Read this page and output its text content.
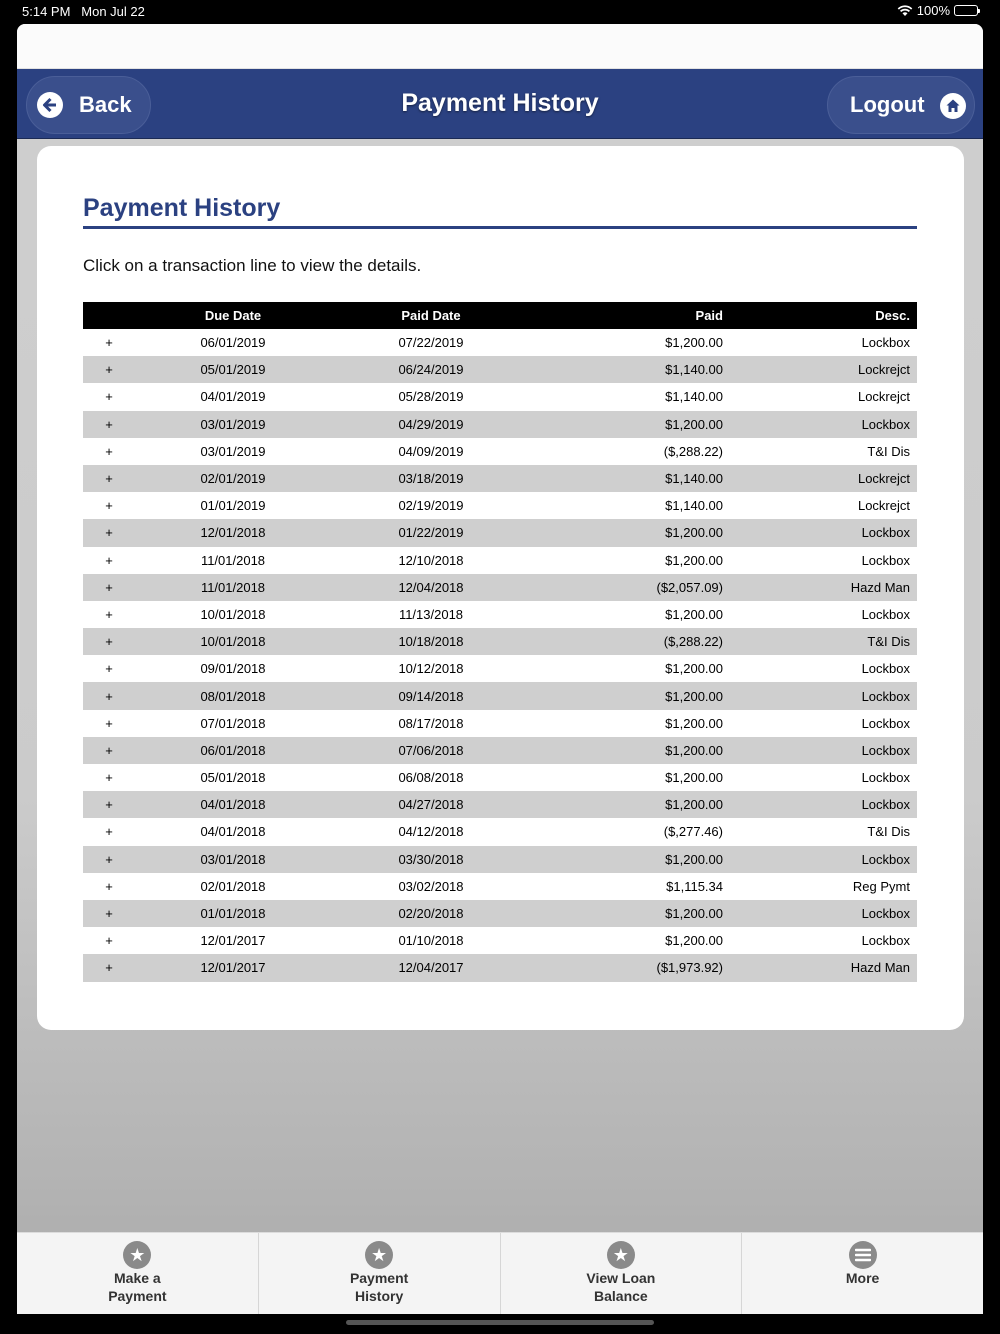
5:14 PM Mon Jul 22	100%
Back	Payment History	Logout
Payment History
Click on a transaction line to view the details.
	Due Date	Paid Date	Paid	Desc.
+	06/01/2019	07/22/2019	$1,200.00	Lockbox
+	05/01/2019	06/24/2019	$1,140.00	Lockrejct
+	04/01/2019	05/28/2019	$1,140.00	Lockrejct
+	03/01/2019	04/29/2019	$1,200.00	Lockbox
+	03/01/2019	04/09/2019	($,288.22)	T&I Dis
+	02/01/2019	03/18/2019	$1,140.00	Lockrejct
+	01/01/2019	02/19/2019	$1,140.00	Lockrejct
+	12/01/2018	01/22/2019	$1,200.00	Lockbox
+	11/01/2018	12/10/2018	$1,200.00	Lockbox
+	11/01/2018	12/04/2018	($2,057.09)	Hazd Man
+	10/01/2018	11/13/2018	$1,200.00	Lockbox
+	10/01/2018	10/18/2018	($,288.22)	T&I Dis
+	09/01/2018	10/12/2018	$1,200.00	Lockbox
+	08/01/2018	09/14/2018	$1,200.00	Lockbox
+	07/01/2018	08/17/2018	$1,200.00	Lockbox
+	06/01/2018	07/06/2018	$1,200.00	Lockbox
+	05/01/2018	06/08/2018	$1,200.00	Lockbox
+	04/01/2018	04/27/2018	$1,200.00	Lockbox
+	04/01/2018	04/12/2018	($,277.46)	T&I Dis
+	03/01/2018	03/30/2018	$1,200.00	Lockbox
+	02/01/2018	03/02/2018	$1,115.34	Reg Pymt
+	01/01/2018	02/20/2018	$1,200.00	Lockbox
+	12/01/2017	01/10/2018	$1,200.00	Lockbox
+	12/01/2017	12/04/2017	($1,973.92)	Hazd Man
★
Make a
Payment
★
Payment
History
★
View Loan
Balance
More
